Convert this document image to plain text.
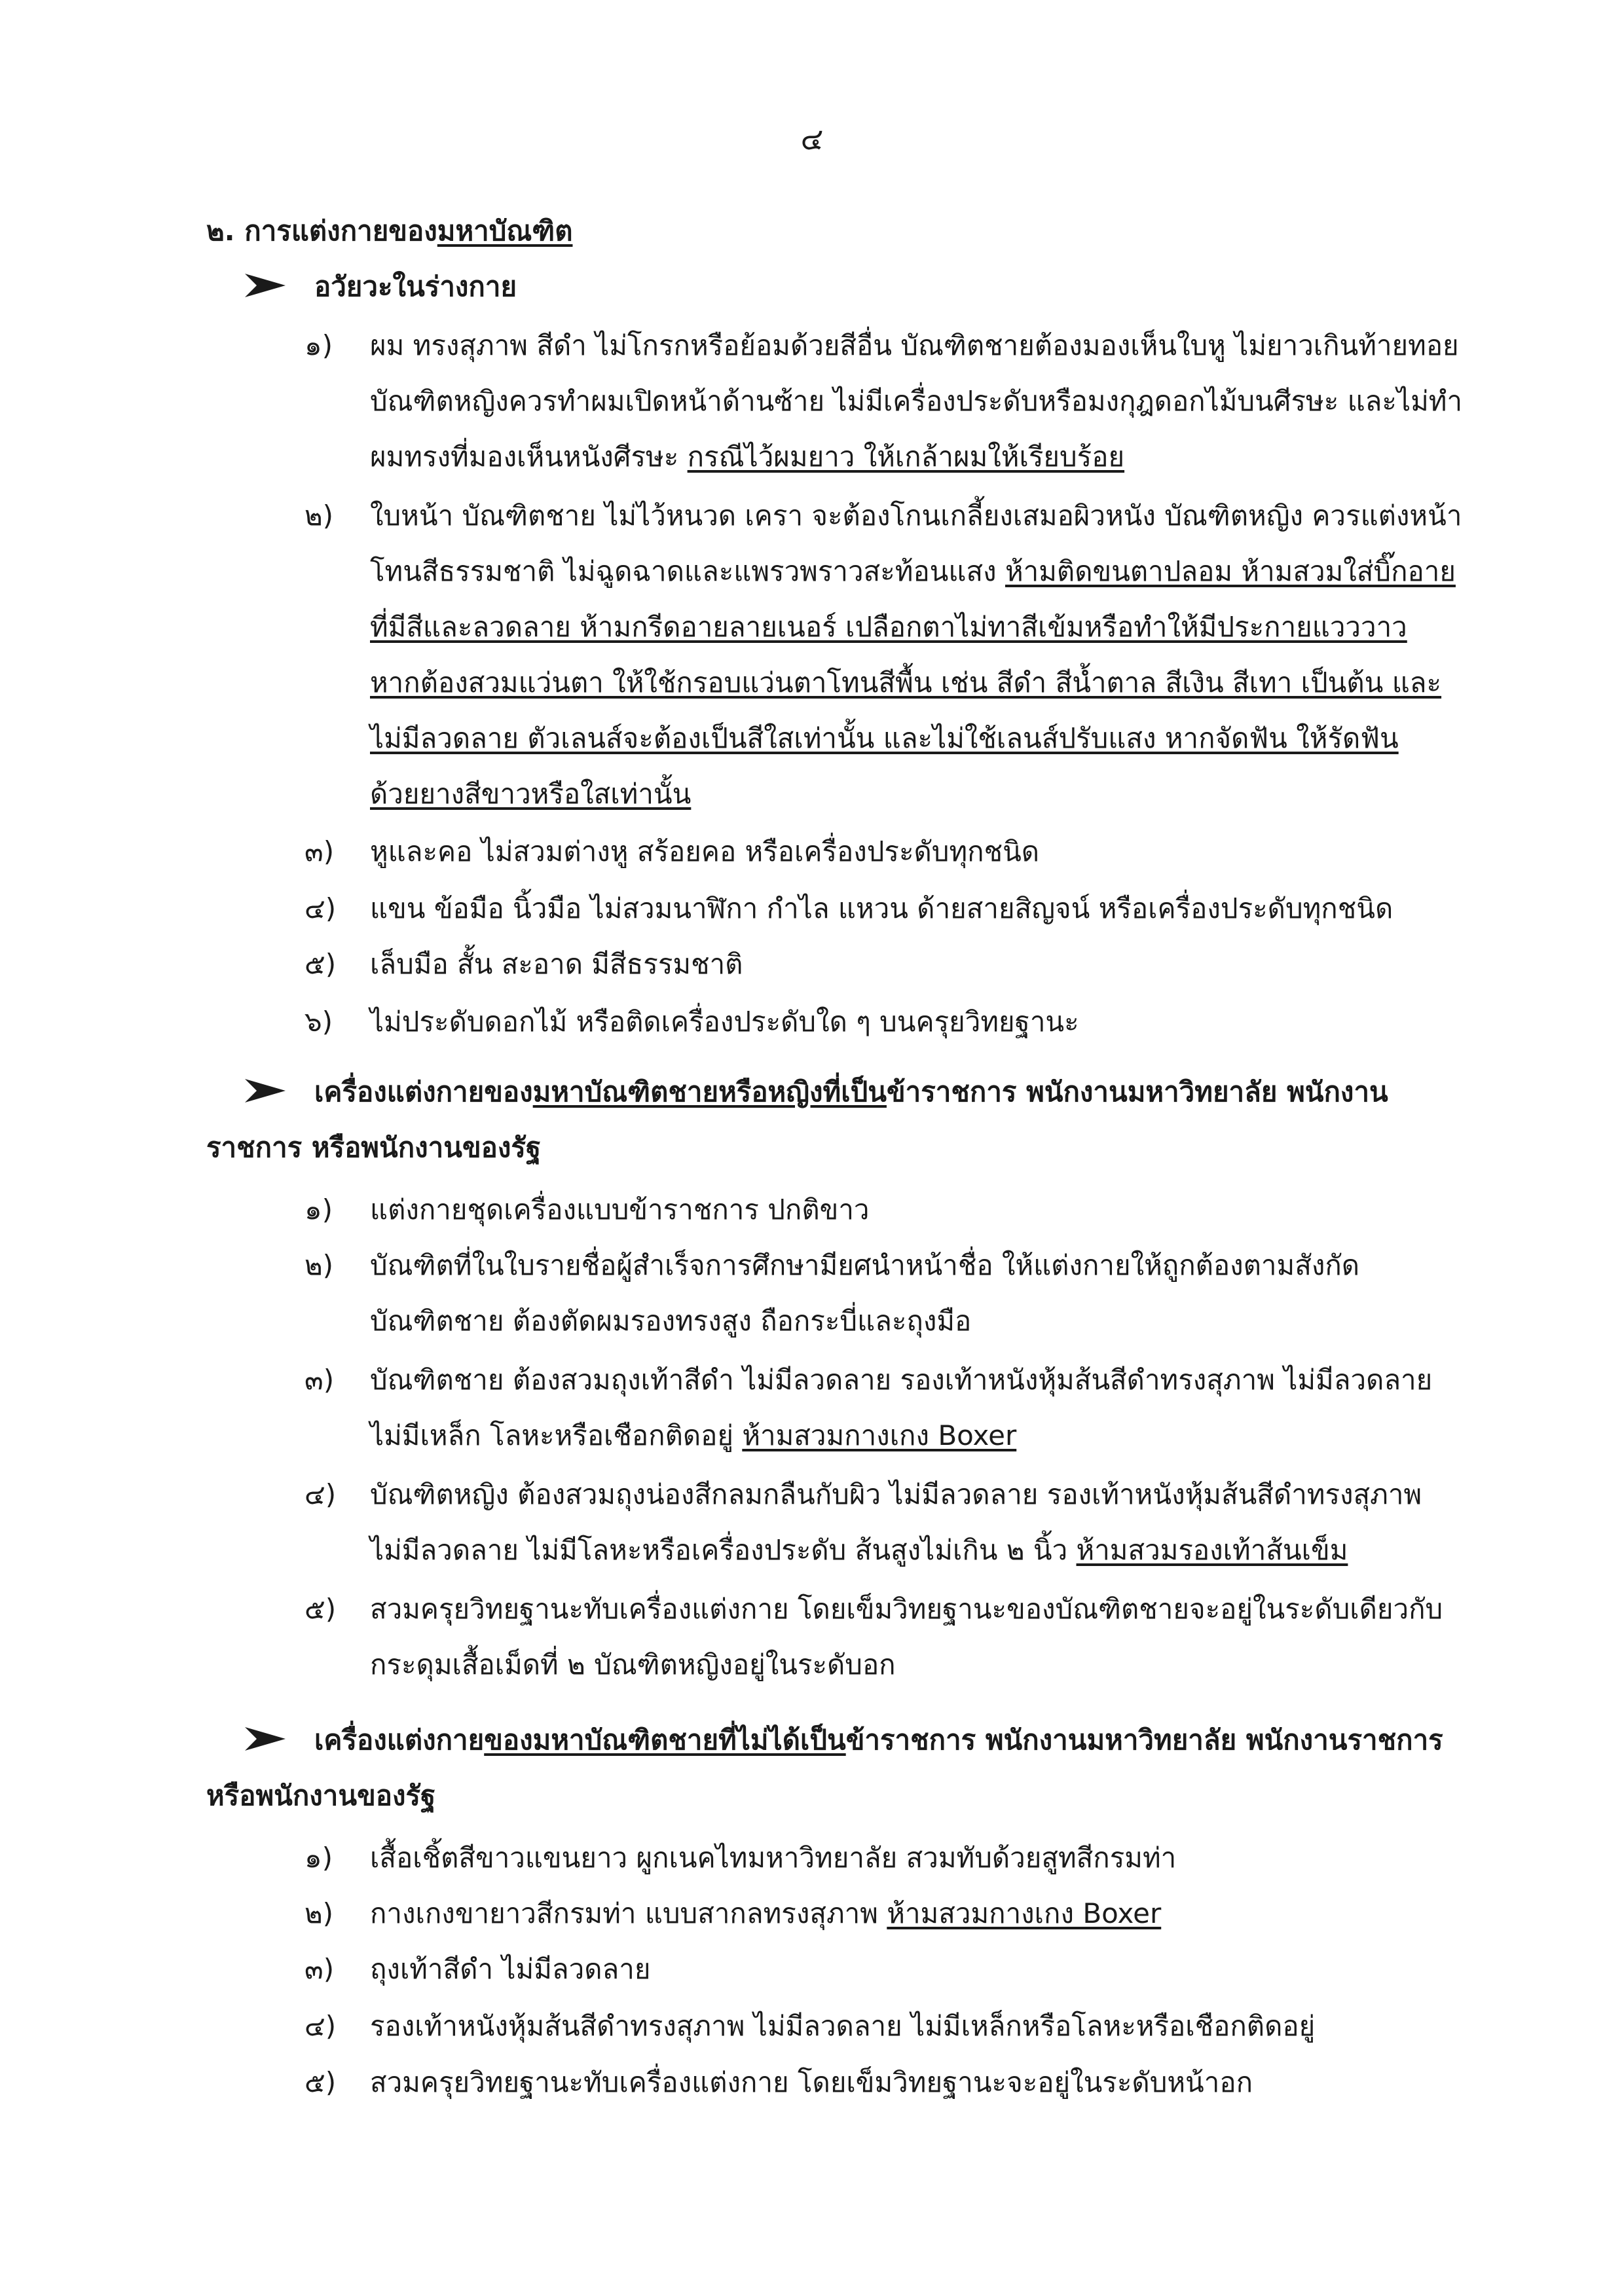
๔
๒. การแต่งกายของมหาบัณฑิต
อวัยวะในร่างกาย
๑) ผม ทรงสุภาพ สีดำ ไม่โกรกหรือย้อมด้วยสีอื่น บัณฑิตชายต้องมองเห็นใบหู ไม่ยาวเกินท้ายทอย
บัณฑิตหญิงควรทำผมเปิดหน้าด้านซ้าย ไม่มีเครื่องประดับหรือมงกุฎดอกไม้บนศีรษะ และไม่ทำ
ผมทรงที่มองเห็นหนังศีรษะ กรณีไว้ผมยาว ให้เกล้าผมให้เรียบร้อย
๒) ใบหน้า บัณฑิตชาย ไม่ไว้หนวด เครา จะต้องโกนเกลี้ยงเสมอผิวหนัง บัณฑิตหญิง ควรแต่งหน้า
โทนสีธรรมชาติ ไม่ฉูดฉาดและแพรวพราวสะท้อนแสง ห้ามติดขนตาปลอม ห้ามสวมใส่บิ๊กอาย
ที่มีสีและลวดลาย ห้ามกรีดอายลายเนอร์ เปลือกตาไม่ทาสีเข้มหรือทำให้มีประกายแวววาว
หากต้องสวมแว่นตา ให้ใช้กรอบแว่นตาโทนสีพื้น เช่น สีดำ สีน้ำตาล สีเงิน สีเทา เป็นต้น และ
ไม่มีลวดลาย ตัวเลนส์จะต้องเป็นสีใสเท่านั้น และไม่ใช้เลนส์ปรับแสง หากจัดฟัน ให้รัดฟัน
ด้วยยางสีขาวหรือใสเท่านั้น
๓) หูและคอ ไม่สวมต่างหู สร้อยคอ หรือเครื่องประดับทุกชนิด
๔) แขน ข้อมือ นิ้วมือ ไม่สวมนาฬิกา กำไล แหวน ด้ายสายสิญจน์ หรือเครื่องประดับทุกชนิด
๕) เล็บมือ สั้น สะอาด มีสีธรรมชาติ
๖) ไม่ประดับดอกไม้ หรือติดเครื่องประดับใด ๆ บนครุยวิทยฐานะ
เครื่องแต่งกายของมหาบัณฑิตชายหรือหญิงที่เป็นข้าราชการ พนักงานมหาวิทยาลัย พนักงาน
ราชการ หรือพนักงานของรัฐ
๑) แต่งกายชุดเครื่องแบบข้าราชการ ปกติขาว
๒) บัณฑิตที่ในใบรายชื่อผู้สำเร็จการศึกษามียศนำหน้าชื่อ ให้แต่งกายให้ถูกต้องตามสังกัด
บัณฑิตชาย ต้องตัดผมรองทรงสูง ถือกระบี่และถุงมือ
๓) บัณฑิตชาย ต้องสวมถุงเท้าสีดำ ไม่มีลวดลาย รองเท้าหนังหุ้มส้นสีดำทรงสุภาพ ไม่มีลวดลาย
ไม่มีเหล็ก โลหะหรือเชือกติดอยู่ ห้ามสวมกางเกง Boxer
๔) บัณฑิตหญิง ต้องสวมถุงน่องสีกลมกลืนกับผิว ไม่มีลวดลาย รองเท้าหนังหุ้มส้นสีดำทรงสุภาพ
ไม่มีลวดลาย ไม่มีโลหะหรือเครื่องประดับ ส้นสูงไม่เกิน ๒ นิ้ว ห้ามสวมรองเท้าส้นเข็ม
๕) สวมครุยวิทยฐานะทับเครื่องแต่งกาย โดยเข็มวิทยฐานะของบัณฑิตชายจะอยู่ในระดับเดียวกับ
กระดุมเสื้อเม็ดที่ ๒ บัณฑิตหญิงอยู่ในระดับอก
เครื่องแต่งกายของมหาบัณฑิตชายที่ไม่ได้เป็นข้าราชการ พนักงานมหาวิทยาลัย พนักงานราชการ
หรือพนักงานของรัฐ
๑) เสื้อเชิ้ตสีขาวแขนยาว ผูกเนคไทมหาวิทยาลัย สวมทับด้วยสูทสีกรมท่า
๒) กางเกงขายาวสีกรมท่า แบบสากลทรงสุภาพ ห้ามสวมกางเกง Boxer
๓) ถุงเท้าสีดำ ไม่มีลวดลาย
๔) รองเท้าหนังหุ้มส้นสีดำทรงสุภาพ ไม่มีลวดลาย ไม่มีเหล็กหรือโลหะหรือเชือกติดอยู่
๕) สวมครุยวิทยฐานะทับเครื่องแต่งกาย โดยเข็มวิทยฐานะจะอยู่ในระดับหน้าอก
